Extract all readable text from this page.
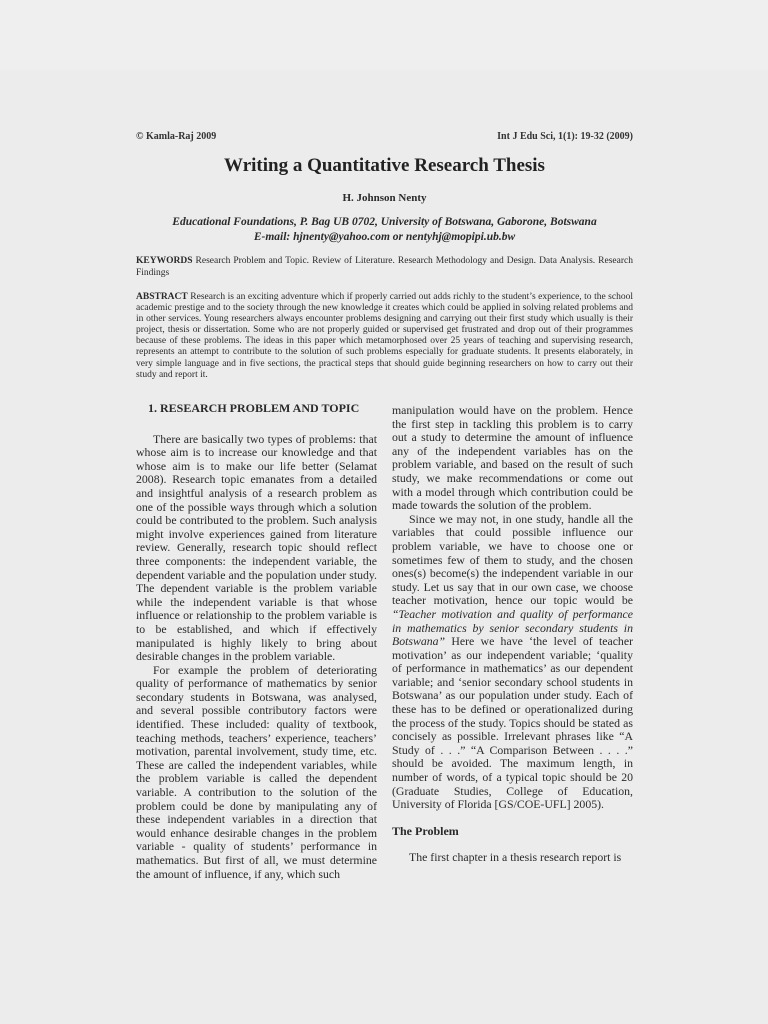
© Kamla-Raj 2009	Int J Edu Sci, 1(1): 19-32 (2009)
Writing a Quantitative Research Thesis
H. Johnson Nenty
Educational Foundations, P. Bag UB 0702, University of Botswana, Gaborone, Botswana
E-mail: hjnenty@yahoo.com or nentyhj@mopipi.ub.bw
KEYWORDS Research Problem and Topic. Review of Literature. Research Methodology and Design. Data Analysis. Research Findings
ABSTRACT Research is an exciting adventure which if properly carried out adds richly to the student’s experience, to the school academic prestige and to the society through the new knowledge it creates which could be applied in solving related problems and in other services. Young researchers always encounter problems designing and carrying out their first study which usually is their project, thesis or dissertation. Some who are not properly guided or supervised get frustrated and drop out of their programmes because of these problems. The ideas in this paper which metamorphosed over 25 years of teaching and supervising research, represents an attempt to contribute to the solution of such problems especially for graduate students. It presents elaborately, in very simple language and in five sections, the practical steps that should guide beginning researchers on how to carry out their study and report it.
1. RESEARCH PROBLEM AND TOPIC

There are basically two types of problems: that whose aim is to increase our knowledge and that whose aim is to make our life better (Selamat 2008). Research topic emanates from a detailed and insightful analysis of a research problem as one of the possible ways through which a solution could be contributed to the problem. Such analysis might involve experiences gained from literature review. Generally, research topic should reflect three components: the independent variable, the dependent variable and the population under study. The dependent variable is the problem variable while the independent variable is that whose influence or relationship to the problem variable is to be established, and which if effectively manipulated is highly likely to bring about desirable changes in the problem variable.

For example the problem of deteriorating quality of performance of mathematics by senior secondary students in Botswana, was analysed, and several possible contributory factors were identified. These included: quality of textbook, teaching methods, teachers’ experience, teachers’ motivation, parental involvement, study time, etc. These are called the independent variables, while the problem variable is called the dependent variable. A contribution to the solution of the problem could be done by manipulating any of these independent variables in a direction that would enhance desirable changes in the problem variable - quality of students’ performance in mathematics. But first of all, we must determine the amount of influence, if any, which such

manipulation would have on the problem. Hence the first step in tackling this problem is to carry out a study to determine the amount of influence any of the independent variables has on the problem variable, and based on the result of such study, we make recommendations or come out with a model through which contribution could be made towards the solution of the problem.

Since we may not, in one study, handle all the variables that could possible influence our problem variable, we have to choose one or sometimes few of them to study, and the chosen ones(s) become(s) the independent variable in our study. Let us say that in our own case, we choose teacher motivation, hence our topic would be “Teacher motivation and quality of performance in mathematics by senior secondary students in Botswana” Here we have ‘the level of teacher motivation’ as our independent variable; ‘quality of performance in mathematics’ as our dependent variable; and ‘senior secondary school students in Botswana’ as our population under study. Each of these has to be defined or operationalized during the process of the study. Topics should be stated as concisely as possible. Irrelevant phrases like “A Study of . . .” “A Comparison Between . . . .” should be avoided. The maximum length, in number of words, of a typical topic should be 20 (Graduate Studies, College of Education, University of Florida [GS/COE-UFL] 2005).

The Problem

The first chapter in a thesis research report is
